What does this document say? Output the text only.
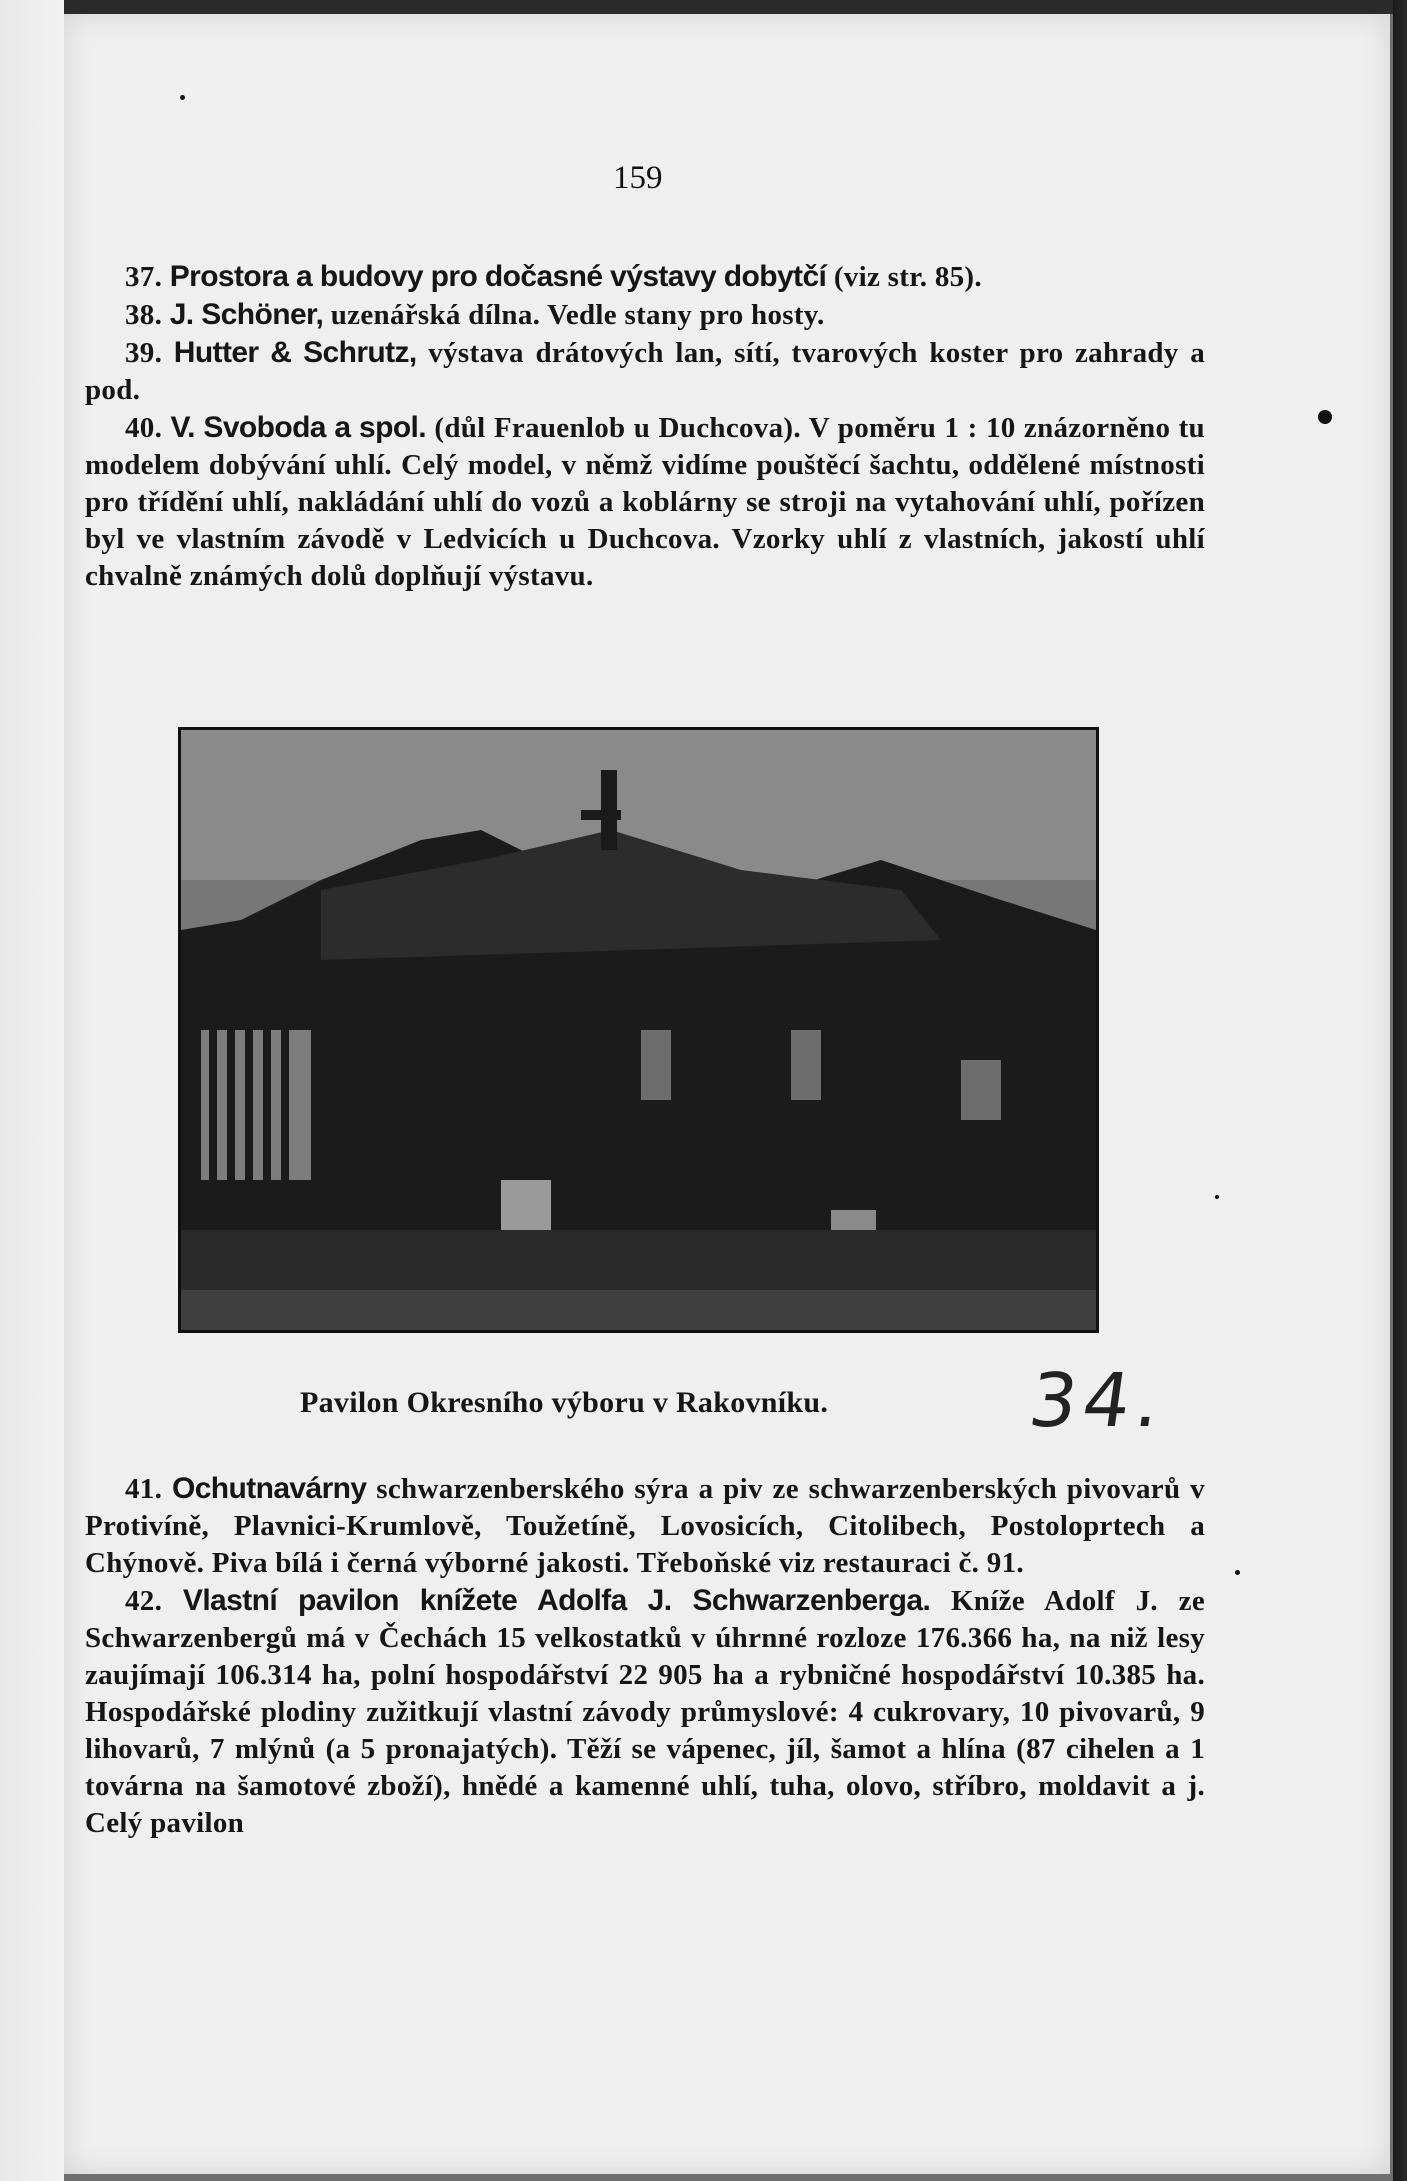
159

37. Prostora a budovy pro dočasné výstavy dobytčí (viz str. 85).

38. J. Schöner, uzenářská dílna. Vedle stany pro hosty.

39. Hutter & Schrutz, výstava drátových lan, sítí, tvarových koster pro zahrady a pod.

40. V. Svoboda a spol. (důl Frauenlob u Duchcova). V poměru 1 : 10 znázorněno tu modelem dobývání uhlí. Celý model, v němž vidíme pouštěcí šachtu, oddělené místnosti pro třídění uhlí, nakládání uhlí do vozů a koblárny se stroji na vytahování uhlí, pořízen byl ve vlastním závodě v Ledvicích u Duchcova. Vzorky uhlí z vlastních, jakostí uhlí chvalně známých dolů doplňují výstavu.

Pavilon Okresního výboru v Rakovníku.	34.

41. Ochutnavárny schwarzenberského sýra a piv ze schwarzenberských pivovarů v Protivíně, Plavnici-Krumlově, Toužetíně, Lovosicích, Citolibech, Postoloprtech a Chýnově. Piva bílá i černá výborné jakosti. Třeboňské viz restauraci č. 91.

42. Vlastní pavilon knížete Adolfa J. Schwarzenberga. Kníže Adolf J. ze Schwarzenbergů má v Čechách 15 velkostatků v úhrnné rozloze 176.366 ha, na niž lesy zaujímají 106.314 ha, polní hospodářství 22 905 ha a rybničné hospodářství 10.385 ha. Hospodářské plodiny zužitkují vlastní závody průmyslové: 4 cukrovary, 10 pivovarů, 9 lihovarů, 7 mlýnů (a 5 pronajatých). Těží se vápenec, jíl, šamot a hlína (87 cihelen a 1 továrna na šamotové zboží), hnědé a kamenné uhlí, tuha, olovo, stříbro, moldavit a j. Celý pavilon
